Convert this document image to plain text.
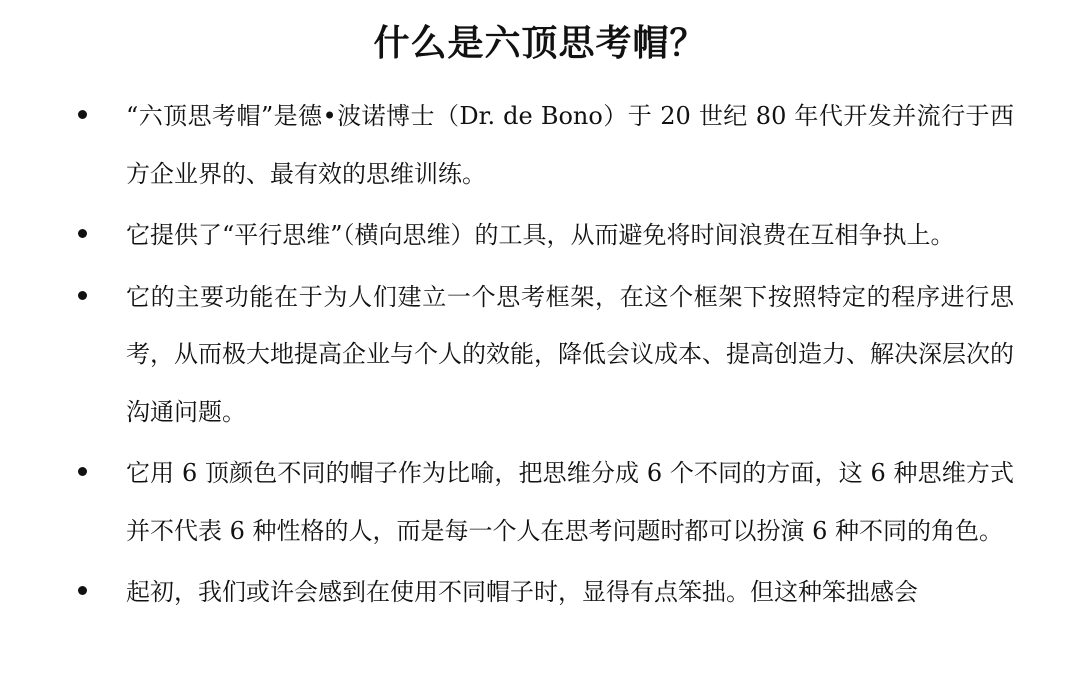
什么是六顶思考帽？
“六顶思考帽”是德•波诺博士（Dr. de Bono）于 20 世纪 80 年代开发并流行于西方企业界的、最有效的思维训练。
它提供了“平行思维”（横向思维）的工具，从而避免将时间浪费在互相争执上。
它的主要功能在于为人们建立一个思考框架，在这个框架下按照特定的程序进行思考，从而极大地提高企业与个人的效能，降低会议成本、提高创造力、解决深层次的沟通问题。
它用 6 顶颜色不同的帽子作为比喻，把思维分成 6 个不同的方面，这 6 种思维方式并不代表 6 种性格的人，而是每一个人在思考问题时都可以扮演 6 种不同的角色。
起初，我们或许会感到在使用不同帽子时，显得有点笨拙。但这种笨拙感会
